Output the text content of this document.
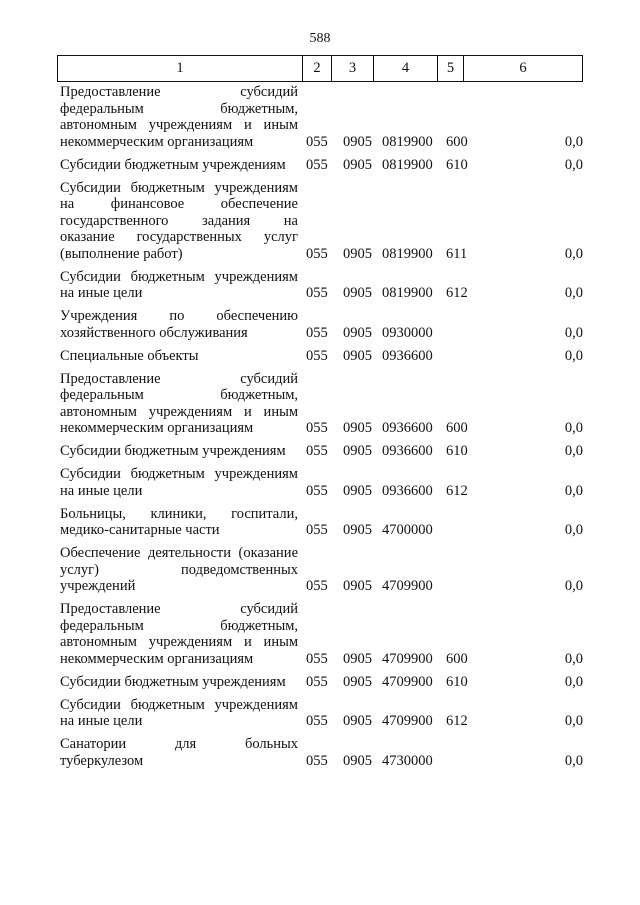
588
1	2	3	4	5	6
Предоставление субсидий
федеральным бюджетным,
автономным учреждениям и иным
некоммерческим организациям	055 0905 0819900 600	0,0
Субсидии бюджетным учреждениям	055 0905 0819900 610	0,0
Субсидии бюджетным учреждениям
на финансовое обеспечение
государственного задания на
оказание государственных услуг
(выполнение работ)	055 0905 0819900 611	0,0
Субсидии бюджетным учреждениям
на иные цели	055 0905 0819900 612	0,0
Учреждения по обеспечению
хозяйственного обслуживания	055 0905 0930000	0,0
Специальные объекты	055 0905 0936600	0,0
Предоставление субсидий
федеральным бюджетным,
автономным учреждениям и иным
некоммерческим организациям	055 0905 0936600 600	0,0
Субсидии бюджетным учреждениям	055 0905 0936600 610	0,0
Субсидии бюджетным учреждениям
на иные цели	055 0905 0936600 612	0,0
Больницы, клиники, госпитали,
медико-санитарные части	055 0905 4700000	0,0
Обеспечение деятельности (оказание
услуг) подведомственных
учреждений	055 0905 4709900	0,0
Предоставление субсидий
федеральным бюджетным,
автономным учреждениям и иным
некоммерческим организациям	055 0905 4709900 600	0,0
Субсидии бюджетным учреждениям	055 0905 4709900 610	0,0
Субсидии бюджетным учреждениям
на иные цели	055 0905 4709900 612	0,0
Санатории для больных
туберкулезом	055 0905 4730000	0,0
